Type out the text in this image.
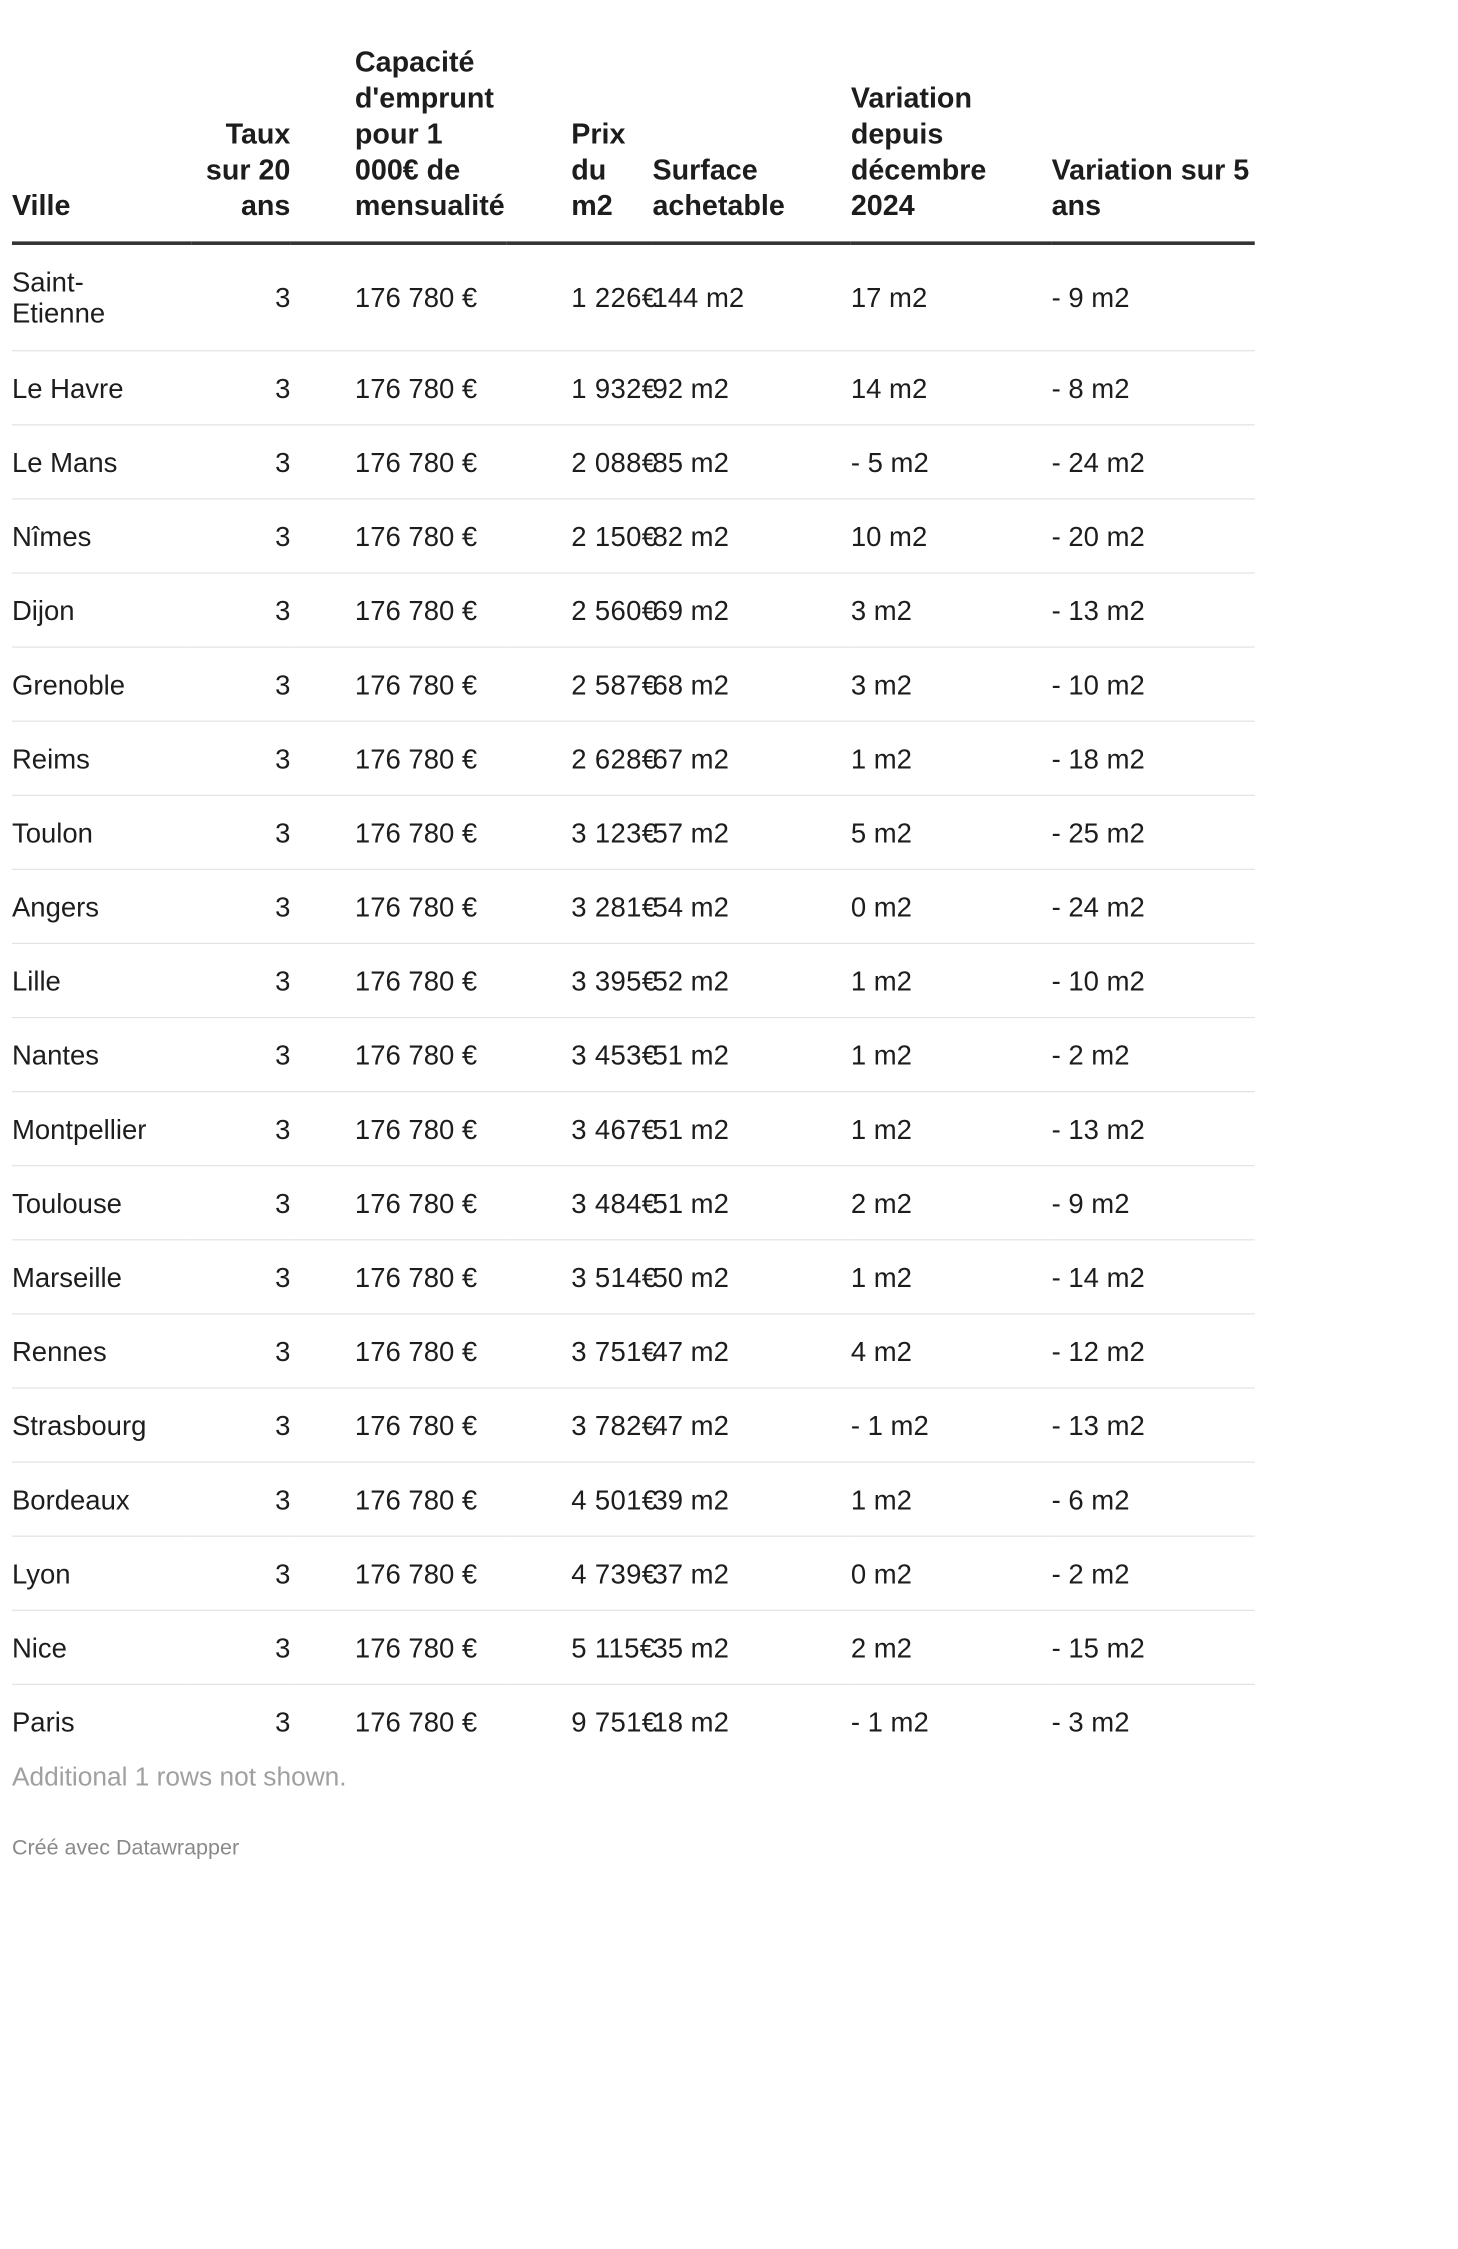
Ville	Taux sur 20 ans	Capacité d'emprunt pour 1 000€ de mensualité	Prix du m2	Surface achetable	Variation depuis décembre 2024	Variation sur 5 ans
Saint-Etienne	3	176 780 €	1 226€	144 m2	17 m2	- 9 m2
Le Havre	3	176 780 €	1 932€	92 m2	14 m2	- 8 m2
Le Mans	3	176 780 €	2 088€	85 m2	- 5 m2	- 24 m2
Nîmes	3	176 780 €	2 150€	82 m2	10 m2	- 20 m2
Dijon	3	176 780 €	2 560€	69 m2	3 m2	- 13 m2
Grenoble	3	176 780 €	2 587€	68 m2	3 m2	- 10 m2
Reims	3	176 780 €	2 628€	67 m2	1 m2	- 18 m2
Toulon	3	176 780 €	3 123€	57 m2	5 m2	- 25 m2
Angers	3	176 780 €	3 281€	54 m2	0 m2	- 24 m2
Lille	3	176 780 €	3 395€	52 m2	1 m2	- 10 m2
Nantes	3	176 780 €	3 453€	51 m2	1 m2	- 2 m2
Montpellier	3	176 780 €	3 467€	51 m2	1 m2	- 13 m2
Toulouse	3	176 780 €	3 484€	51 m2	2 m2	- 9 m2
Marseille	3	176 780 €	3 514€	50 m2	1 m2	- 14 m2
Rennes	3	176 780 €	3 751€	47 m2	4 m2	- 12 m2
Strasbourg	3	176 780 €	3 782€	47 m2	- 1 m2	- 13 m2
Bordeaux	3	176 780 €	4 501€	39 m2	1 m2	- 6 m2
Lyon	3	176 780 €	4 739€	37 m2	0 m2	- 2 m2
Nice	3	176 780 €	5 115€	35 m2	2 m2	- 15 m2
Paris	3	176 780 €	9 751€	18 m2	- 1 m2	- 3 m2
Additional 1 rows not shown.
Créé avec Datawrapper
